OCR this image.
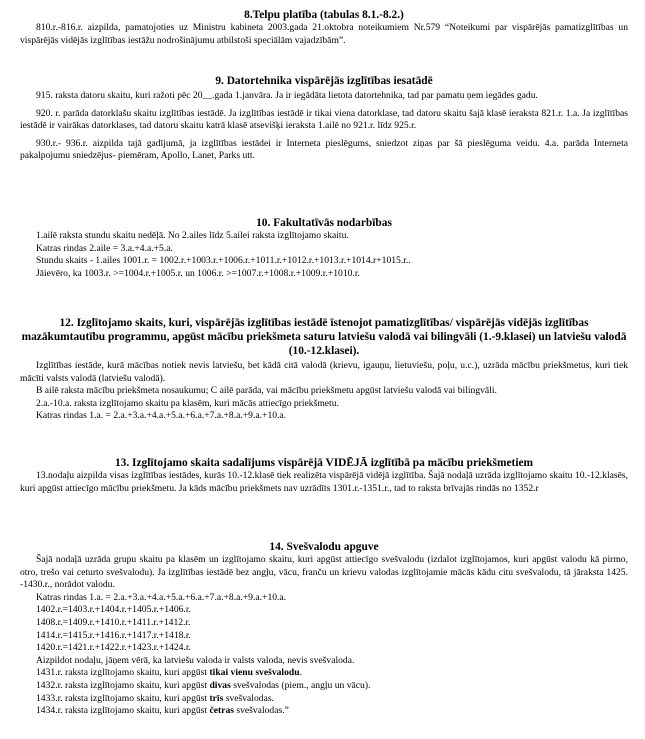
8.Telpu platība (tabulas 8.1.-8.2.)

810.r.-816.r. aizpilda, pamatojoties uz Ministru kabineta 2003.gada 21.oktobra noteikumiem Nr.579 “Noteikumi par vispārējās pamatizglītības un vispārējās vidējās izglītības iestāžu nodrošinājumu atbilstoši speciālām vajadzībām”.

9. Datortehnika vispārējās izglītības iesatādē

915. raksta datoru skaitu, kuri ražoti pēc 20__.gada 1.janvāra. Ja ir iegādāta lietota datortehnika, tad par pamatu ņem iegādes gadu.

920. r. parāda datorklašu skaitu izglītības iestādē. Ja izglītības iestādē ir tikai viena datorklase, tad datoru skaitu šajā klasē ieraksta 821.r. 1.a. Ja izglītības iestādē ir vairākas datorklases, tad datoru skaitu katrā klasē atsevišķi ieraksta 1.ailē no 921.r. līdz 925.r.

930.r.- 936.r. aizpilda tajā gadījumā, ja izglītības iestādei ir Interneta pieslēgums, sniedzot ziņas par šā pieslēguma veidu. 4.a. parāda Interneta pakalpojumu sniedzējus- piemēram, Apollo, Lanet, Parks utt.

10. Fakultatīvās nodarbības

1.ailē raksta stundu skaitu nedēļā. No 2.ailes līdz 5.ailei raksta izglītojamo skaitu.

Katras rindas 2.aile = 3.a.+4.a.+5.a.

Stundu skaits - 1.ailes 1001.r. = 1002.r.+1003.r.+1006.r.+1011.r.+1012.r.+1013.r.+1014.r+1015.r..

Jāievēro, ka 1003.r. >=1004.r.+1005.r. un 1006.r. >=1007.r.+1008.r.+1009.r.+1010.r.

12. Izglītojamo skaits, kuri, vispārējās izglītības iestādē īstenojot pamatizglītības/ vispārējās vidējās izglītības mazākumtautību programmu, apgūst mācību priekšmeta saturu latviešu valodā vai bilingvāli (1.-9.klasei) un latviešu valodā (10.-12.klasei).

Izglītības iestāde, kurā mācības notiek nevis latviešu, bet kādā citā valodā (krievu, igauņu, lietuviešu, poļu, u.c.), uzrāda mācību priekšmetus, kuri tiek mācīti valsts valodā (latviešu valodā).

B ailē raksta mācību priekšmeta nosaukumu; C ailē parāda, vai mācību priekšmetu apgūst latviešu valodā vai bilingvāli.

2.a.-10.a. raksta izglītojamo skaitu pa klasēm, kuri mācās attiecīgo priekšmetu.

Katras rindas 1.a. = 2.a.+3.a.+4.a.+5.a.+6.a.+7.a.+8.a.+9.a.+10.a.

13. Izglītojamo skaita sadalījums vispārējā VIDĒJĀ izglītībā pa mācību priekšmetiem

13.nodaļu aizpilda visas izglītības iestādes, kurās 10.-12.klasē tiek realizēta vispārējā vidējā izglītība. Šajā nodaļā uzrāda izglītojamo skaitu 10.-12.klasēs, kuri apgūst attiecīgo mācību priekšmetu. Ja kāds mācību priekšmets nav uzrādīts 1301.r.-1351.r., tad to raksta brīvajās rindās no 1352.r

14. Svešvalodu apguve

Šajā nodaļā uzrāda grupu skaitu pa klasēm un izglītojamo skaitu, kuri apgūst attiecīgo svešvalodu (izdalot izglītojamos, kuri apgūst valodu kā pirmo, otro, trešo vai ceturto svešvalodu). Ja izglītības iestādē bez angļu, vācu, franču un krievu valodas izglītojamie mācās kādu citu svešvalodu, tā jāraksta 1425. -1430.r., norādot valodu.

Katras rindas 1.a. = 2.a.+3.a.+4.a.+5.a.+6.a.+7.a.+8.a.+9.a.+10.a.

1402.r.=1403.r.+1404.r.+1405.r.+1406.r.

1408.r.=1409.r.+1410.r.+1411.r.+1412.r.

1414.r.=1415.r.+1416.r.+1417.r.+1418.r.

1420.r.=1421.r.+1422.r.+1423.r.+1424.r.

Aizpildot nodaļu, jāņem vērā, ka latviešu valoda ir valsts valoda, nevis svešvaloda.

1431.r. raksta izglītojamo skaitu, kuri apgūst tikai vienu svešvalodu.

1432.r. raksta izglītojamo skaitu, kuri apgūst divas svešvalodas (piem., angļu un vācu).

1433.r. raksta izglītojamo skaitu, kuri apgūst trīs svešvalodas.

1434.r. raksta izglītojamo skaitu, kuri apgūst četras svešvalodas.”
